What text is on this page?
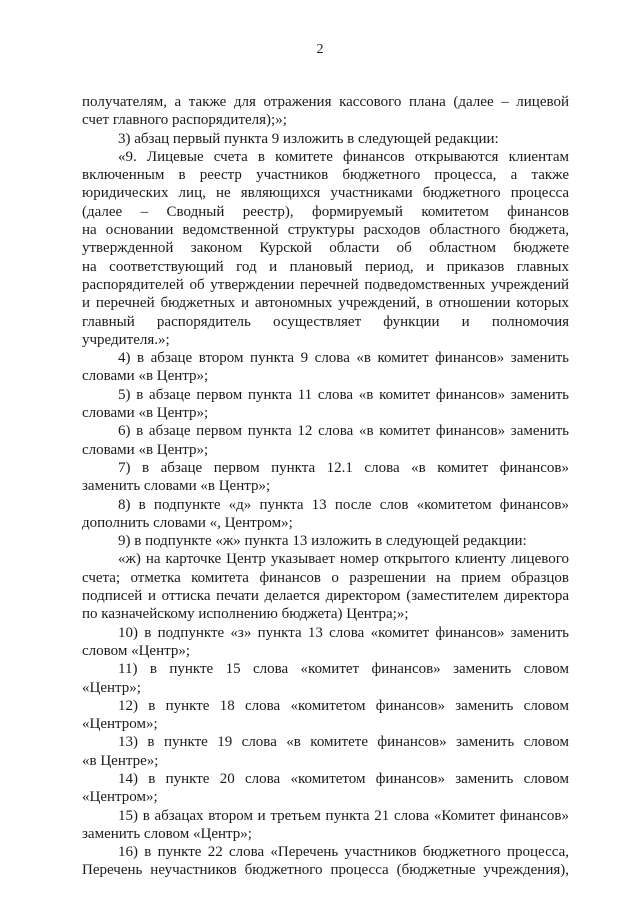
2
получателям, а также для отражения кассового плана (далее – лицевой
счет главного распорядителя);»;
3) абзац первый пункта 9 изложить в следующей редакции:
«9. Лицевые счета в комитете финансов открываются клиентам
включенным в реестр участников бюджетного процесса, а также
юридических лиц, не являющихся участниками бюджетного процесса
(далее – Сводный реестр), формируемый комитетом финансов
на основании ведомственной структуры расходов областного бюджета,
утвержденной законом Курской области об областном бюджете
на соответствующий год и плановый период, и приказов главных
распорядителей об утверждении перечней подведомственных учреждений
и перечней бюджетных и автономных учреждений, в отношении которых
главный распорядитель осуществляет функции и полномочия
учредителя.»;
4) в абзаце втором пункта 9 слова «в комитет финансов» заменить
словами «в Центр»;
5) в абзаце первом пункта 11 слова «в комитет финансов» заменить
словами «в Центр»;
6) в абзаце первом пункта 12 слова «в комитет финансов» заменить
словами «в Центр»;
7) в абзаце первом пункта 12.1 слова «в комитет финансов»
заменить словами «в Центр»;
8) в подпункте «д» пункта 13 после слов «комитетом финансов»
дополнить словами «, Центром»;
9) в подпункте «ж» пункта 13 изложить в следующей редакции:
«ж) на карточке Центр указывает номер открытого клиенту лицевого
счета; отметка комитета финансов о разрешении на прием образцов
подписей и оттиска печати делается директором (заместителем директора
по казначейскому исполнению бюджета) Центра;»;
10) в подпункте «з» пункта 13 слова «комитет финансов» заменить
словом «Центр»;
11) в пункте 15 слова «комитет финансов» заменить словом
«Центр»;
12) в пункте 18 слова «комитетом финансов» заменить словом
«Центром»;
13) в пункте 19 слова «в комитете финансов» заменить словом
«в Центре»;
14) в пункте 20 слова «комитетом финансов» заменить словом
«Центром»;
15) в абзацах втором и третьем пункта 21 слова «Комитет финансов»
заменить словом «Центр»;
16) в пункте 22 слова «Перечень участников бюджетного процесса,
Перечень неучастников бюджетного процесса (бюджетные учреждения),
